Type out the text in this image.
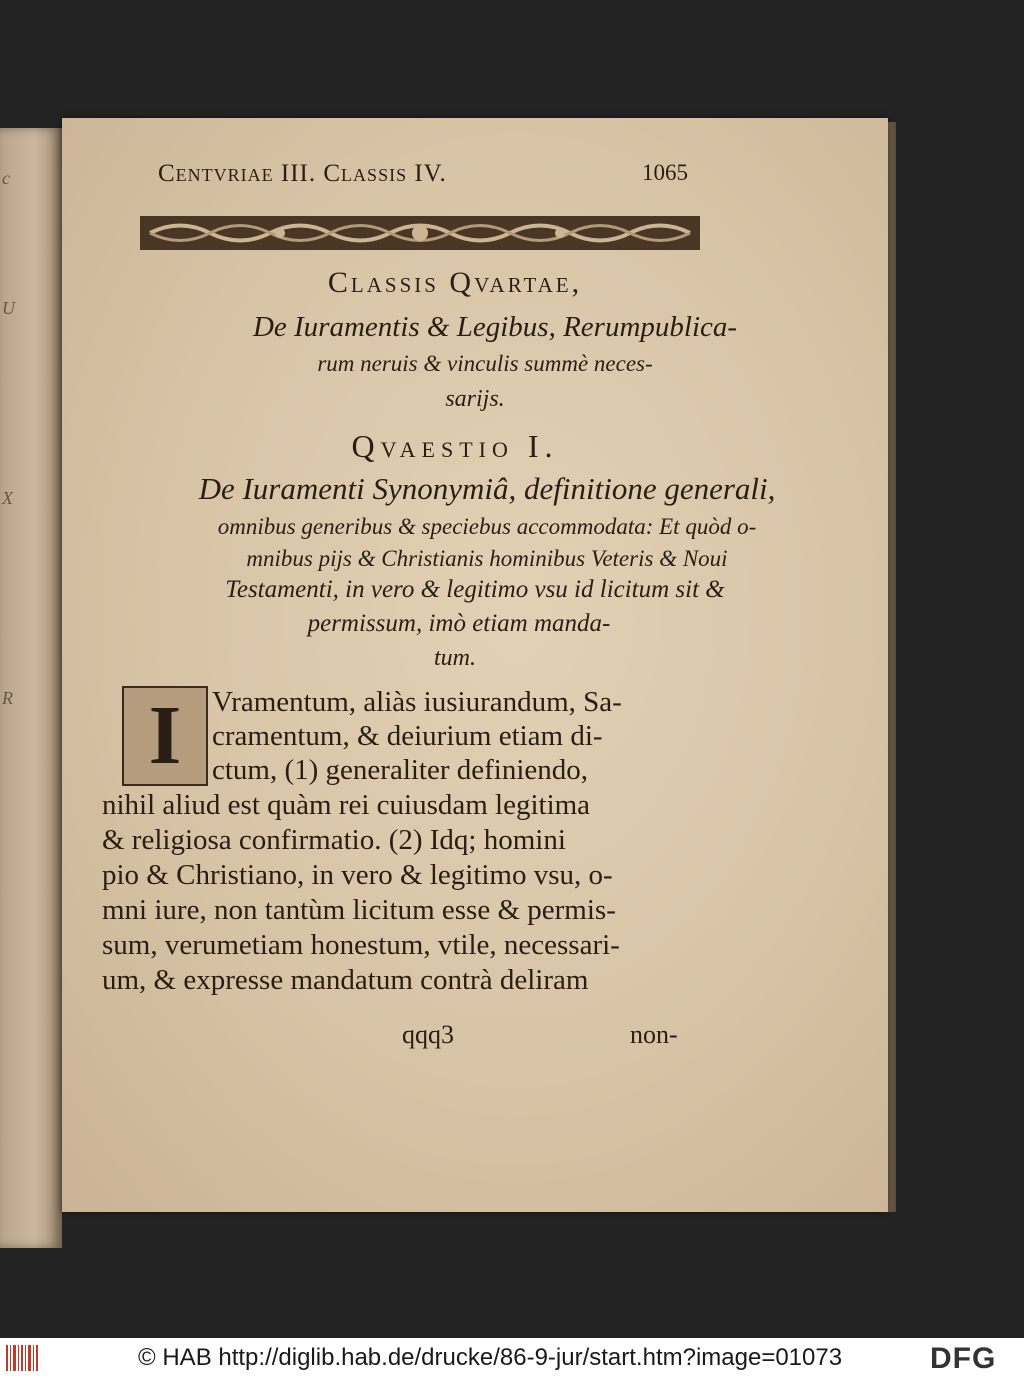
c
U
X
R
Centvriae III. Classis IV.	1065
Classis Qvartae,
De Iuramentis & Legibus, Rerumpublica-
rum neruis & vinculis summè neces-
sarijs.
Qvaestio I.
De Iuramenti Synonymiâ, definitione generali,
omnibus generibus & speciebus accommodata: Et quòd o-
mnibus pijs & Christianis hominibus Veteris & Noui
Testamenti, in vero & legitimo vsu id licitum sit &
permissum, imò etiam manda-
tum.
I Vramentum, aliàs iusiurandum, Sa-
cramentum, & deiurium etiam di-
ctum, (1) generaliter definiendo,
nihil aliud est quàm rei cuiusdam legitima
& religiosa confirmatio. (2) Idq; homini
pio & Christiano, in vero & legitimo vsu, o-
mni iure, non tantùm licitum esse & permis-
sum, verumetiam honestum, vtile, necessari-
um, & expresse mandatum contrà deliram
qqq3	non-
© HAB http://diglib.hab.de/drucke/86-9-jur/start.htm?image=01073	DFG
